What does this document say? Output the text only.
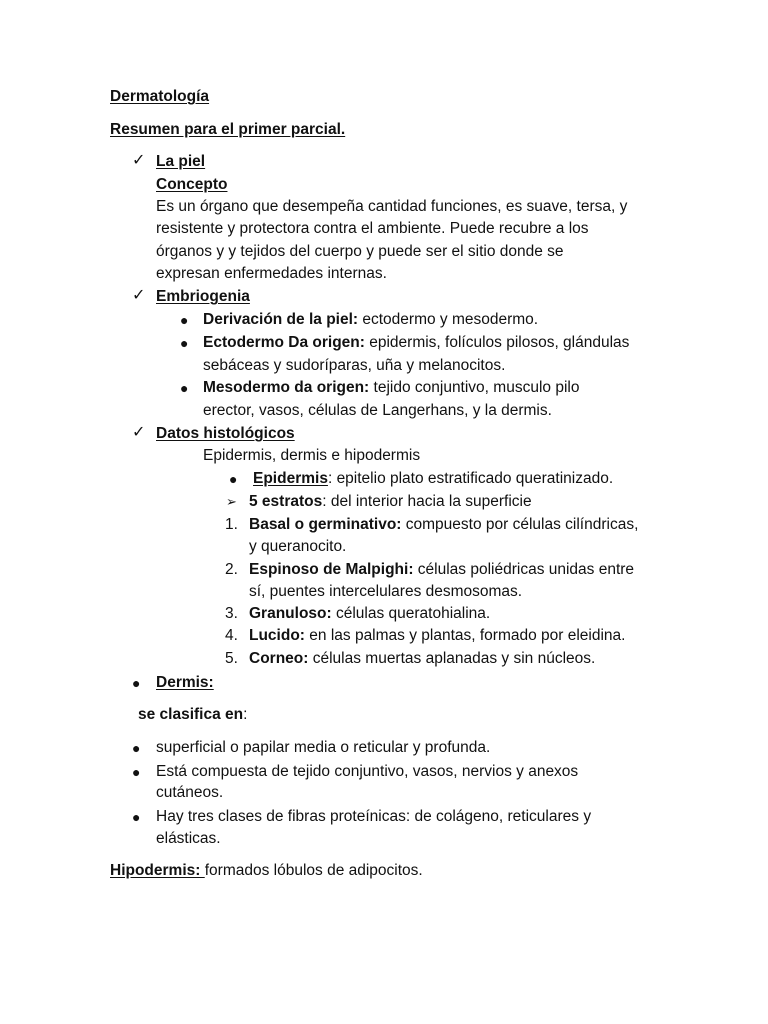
Dermatología
Resumen para el primer parcial.
✓ La piel
Concepto
Es un órgano que desempeña cantidad funciones, es suave, tersa, y
resistente y protectora contra el ambiente. Puede recubre a los
órganos y y tejidos del cuerpo y puede ser el sitio donde se
expresan enfermedades internas.
✓ Embriogenia
● Derivación de la piel: ectodermo y mesodermo.
● Ectodermo Da origen: epidermis, folículos pilosos, glándulas
sebáceas y sudoríparas, uña y melanocitos.
● Mesodermo da origen: tejido conjuntivo, musculo pilo
erector, vasos, células de Langerhans, y la dermis.
✓ Datos histológicos
Epidermis, dermis e hipodermis
● Epidermis: epitelio plato estratificado queratinizado.
➢ 5 estratos: del interior hacia la superficie
1. Basal o germinativo: compuesto por células cilíndricas,
y queranocito.
2. Espinoso de Malpighi: células poliédricas unidas entre
sí, puentes intercelulares desmosomas.
3. Granuloso: células queratohialina.
4. Lucido: en las palmas y plantas, formado por eleidina.
5. Corneo: células muertas aplanadas y sin núcleos.
● Dermis:
se clasifica en:
● superficial o papilar media o reticular y profunda.
● Está compuesta de tejido conjuntivo, vasos, nervios y anexos
cutáneos.
● Hay tres clases de fibras proteínicas: de colágeno, reticulares y
elásticas.
Hipodermis: formados lóbulos de adipocitos.
